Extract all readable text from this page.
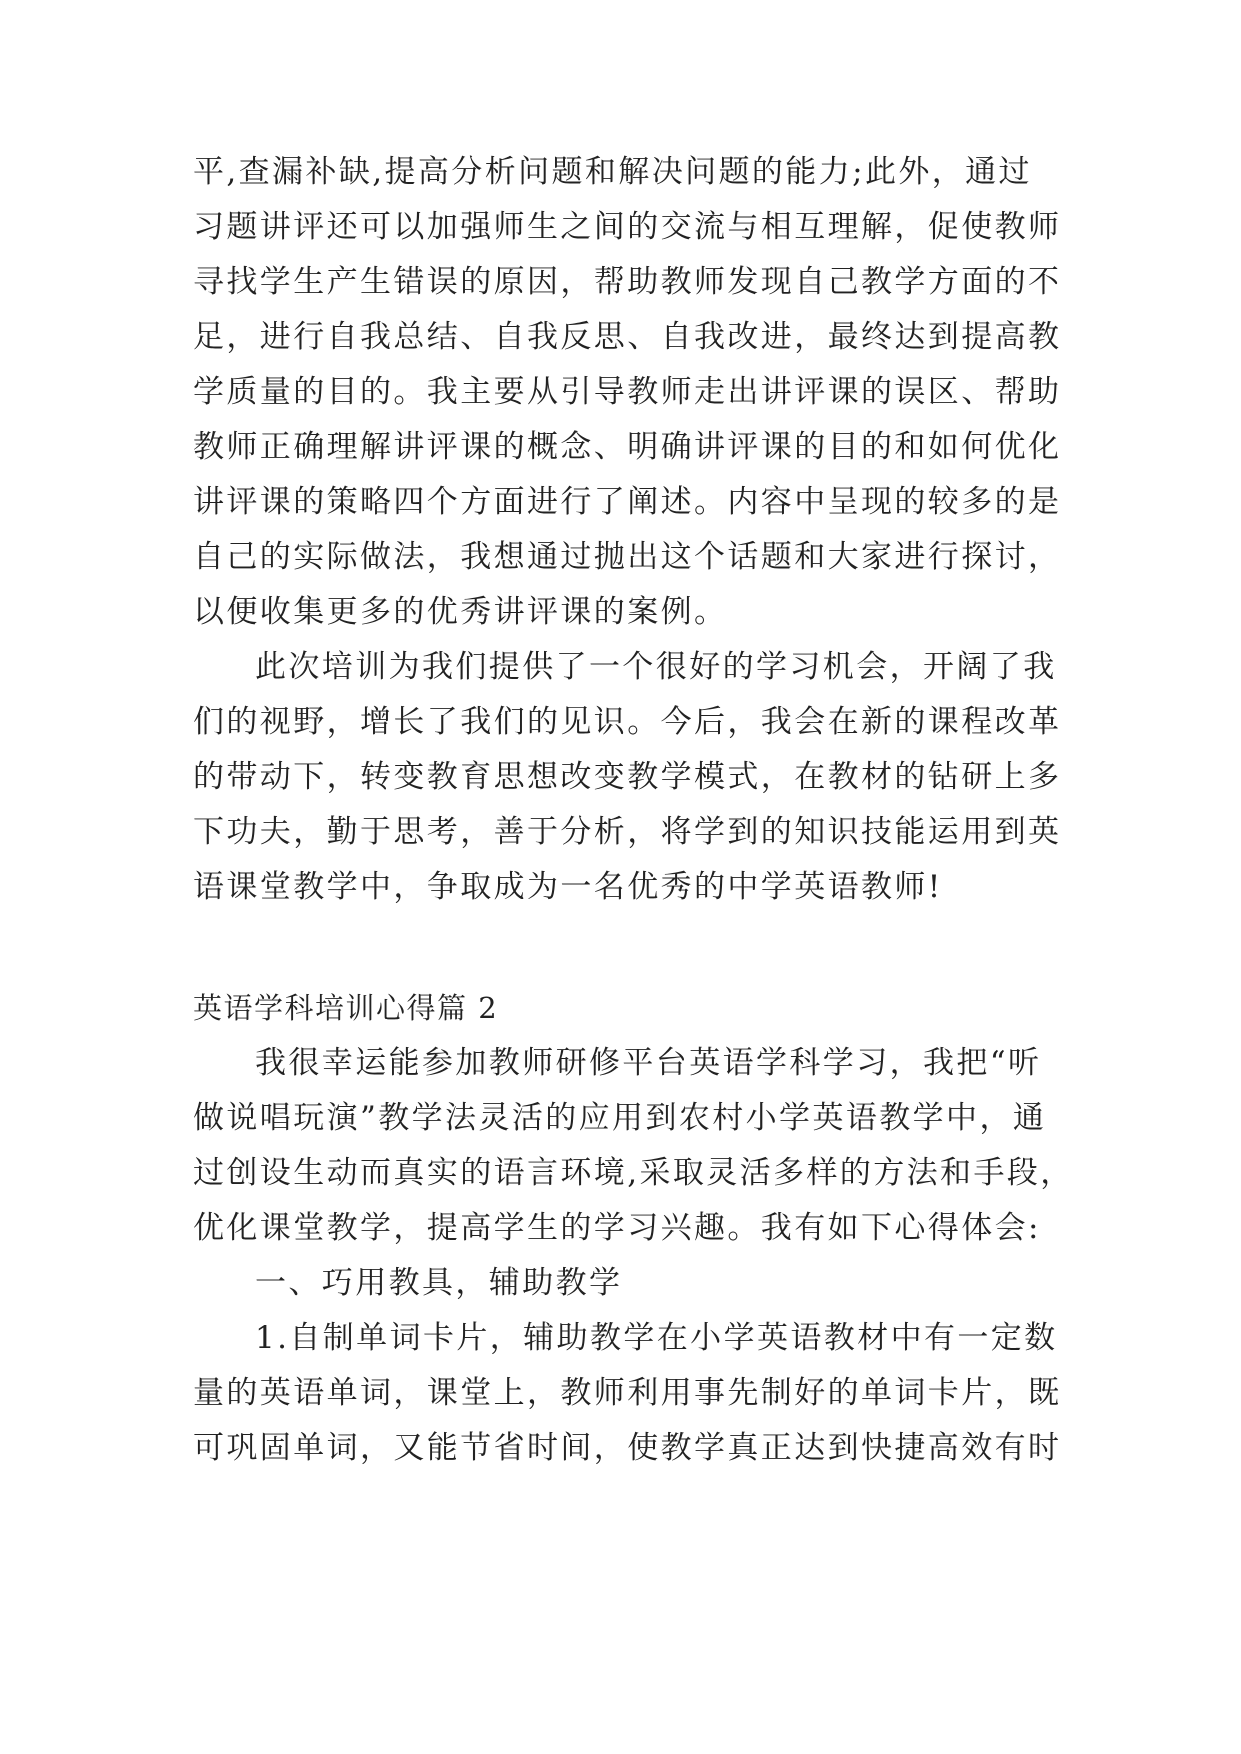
平,查漏补缺,提高分析问题和解决问题的能力;此外，通过
习题讲评还可以加强师生之间的交流与相互理解，促使教师
寻找学生产生错误的原因，帮助教师发现自己教学方面的不
足，进行自我总结、自我反思、自我改进，最终达到提高教
学质量的目的。我主要从引导教师走出讲评课的误区、帮助
教师正确理解讲评课的概念、明确讲评课的目的和如何优化
讲评课的策略四个方面进行了阐述。内容中呈现的较多的是
自己的实际做法，我想通过抛出这个话题和大家进行探讨，
以便收集更多的优秀讲评课的案例。
此次培训为我们提供了一个很好的学习机会，开阔了我
们的视野，增长了我们的见识。今后，我会在新的课程改革
的带动下，转变教育思想改变教学模式，在教材的钻研上多
下功夫，勤于思考，善于分析，将学到的知识技能运用到英
语课堂教学中，争取成为一名优秀的中学英语教师!
英语学科培训心得篇 2
我很幸运能参加教师研修平台英语学科学习，我把“听
做说唱玩演”教学法灵活的应用到农村小学英语教学中，通
过创设生动而真实的语言环境,采取灵活多样的方法和手段，
优化课堂教学，提高学生的学习兴趣。我有如下心得体会:
一、巧用教具，辅助教学
1.自制单词卡片，辅助教学在小学英语教材中有一定数
量的英语单词，课堂上，教师利用事先制好的单词卡片，既
可巩固单词，又能节省时间，使教学真正达到快捷高效有时
